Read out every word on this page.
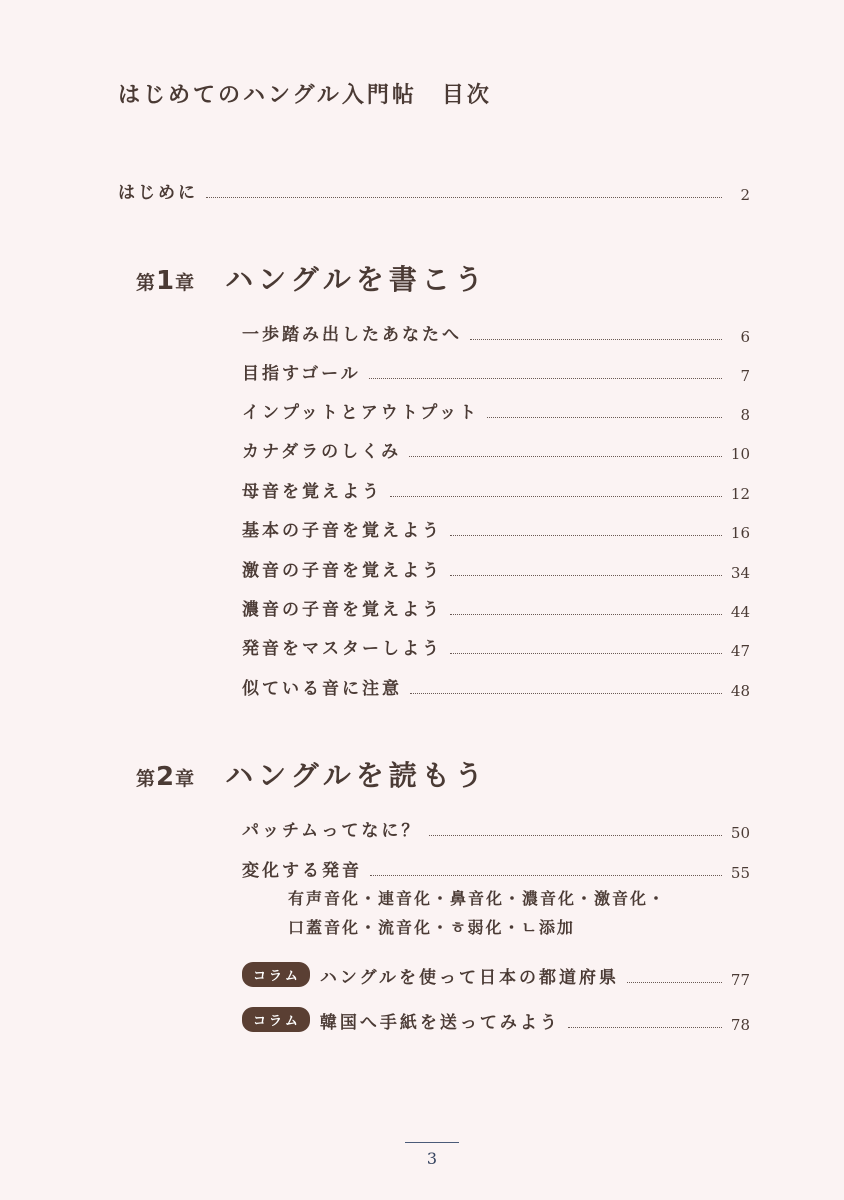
はじめてのハングル入門帖　目次
はじめに	2
第1章 ハングルを書こう
一歩踏み出したあなたへ	6
目指すゴール	7
インプットとアウトプット	8
カナダラのしくみ	10
母音を覚えよう	12
基本の子音を覚えよう	16
激音の子音を覚えよう	34
濃音の子音を覚えよう	44
発音をマスターしよう	47
似ている音に注意	48
第2章 ハングルを読もう
パッチムってなに？	50
変化する発音	55
有声音化・連音化・鼻音化・濃音化・激音化・
口蓋音化・流音化・ㅎ弱化・ㄴ添加
コラム	ハングルを使って日本の都道府県	77
コラム	韓国へ手紙を送ってみよう	78
3
